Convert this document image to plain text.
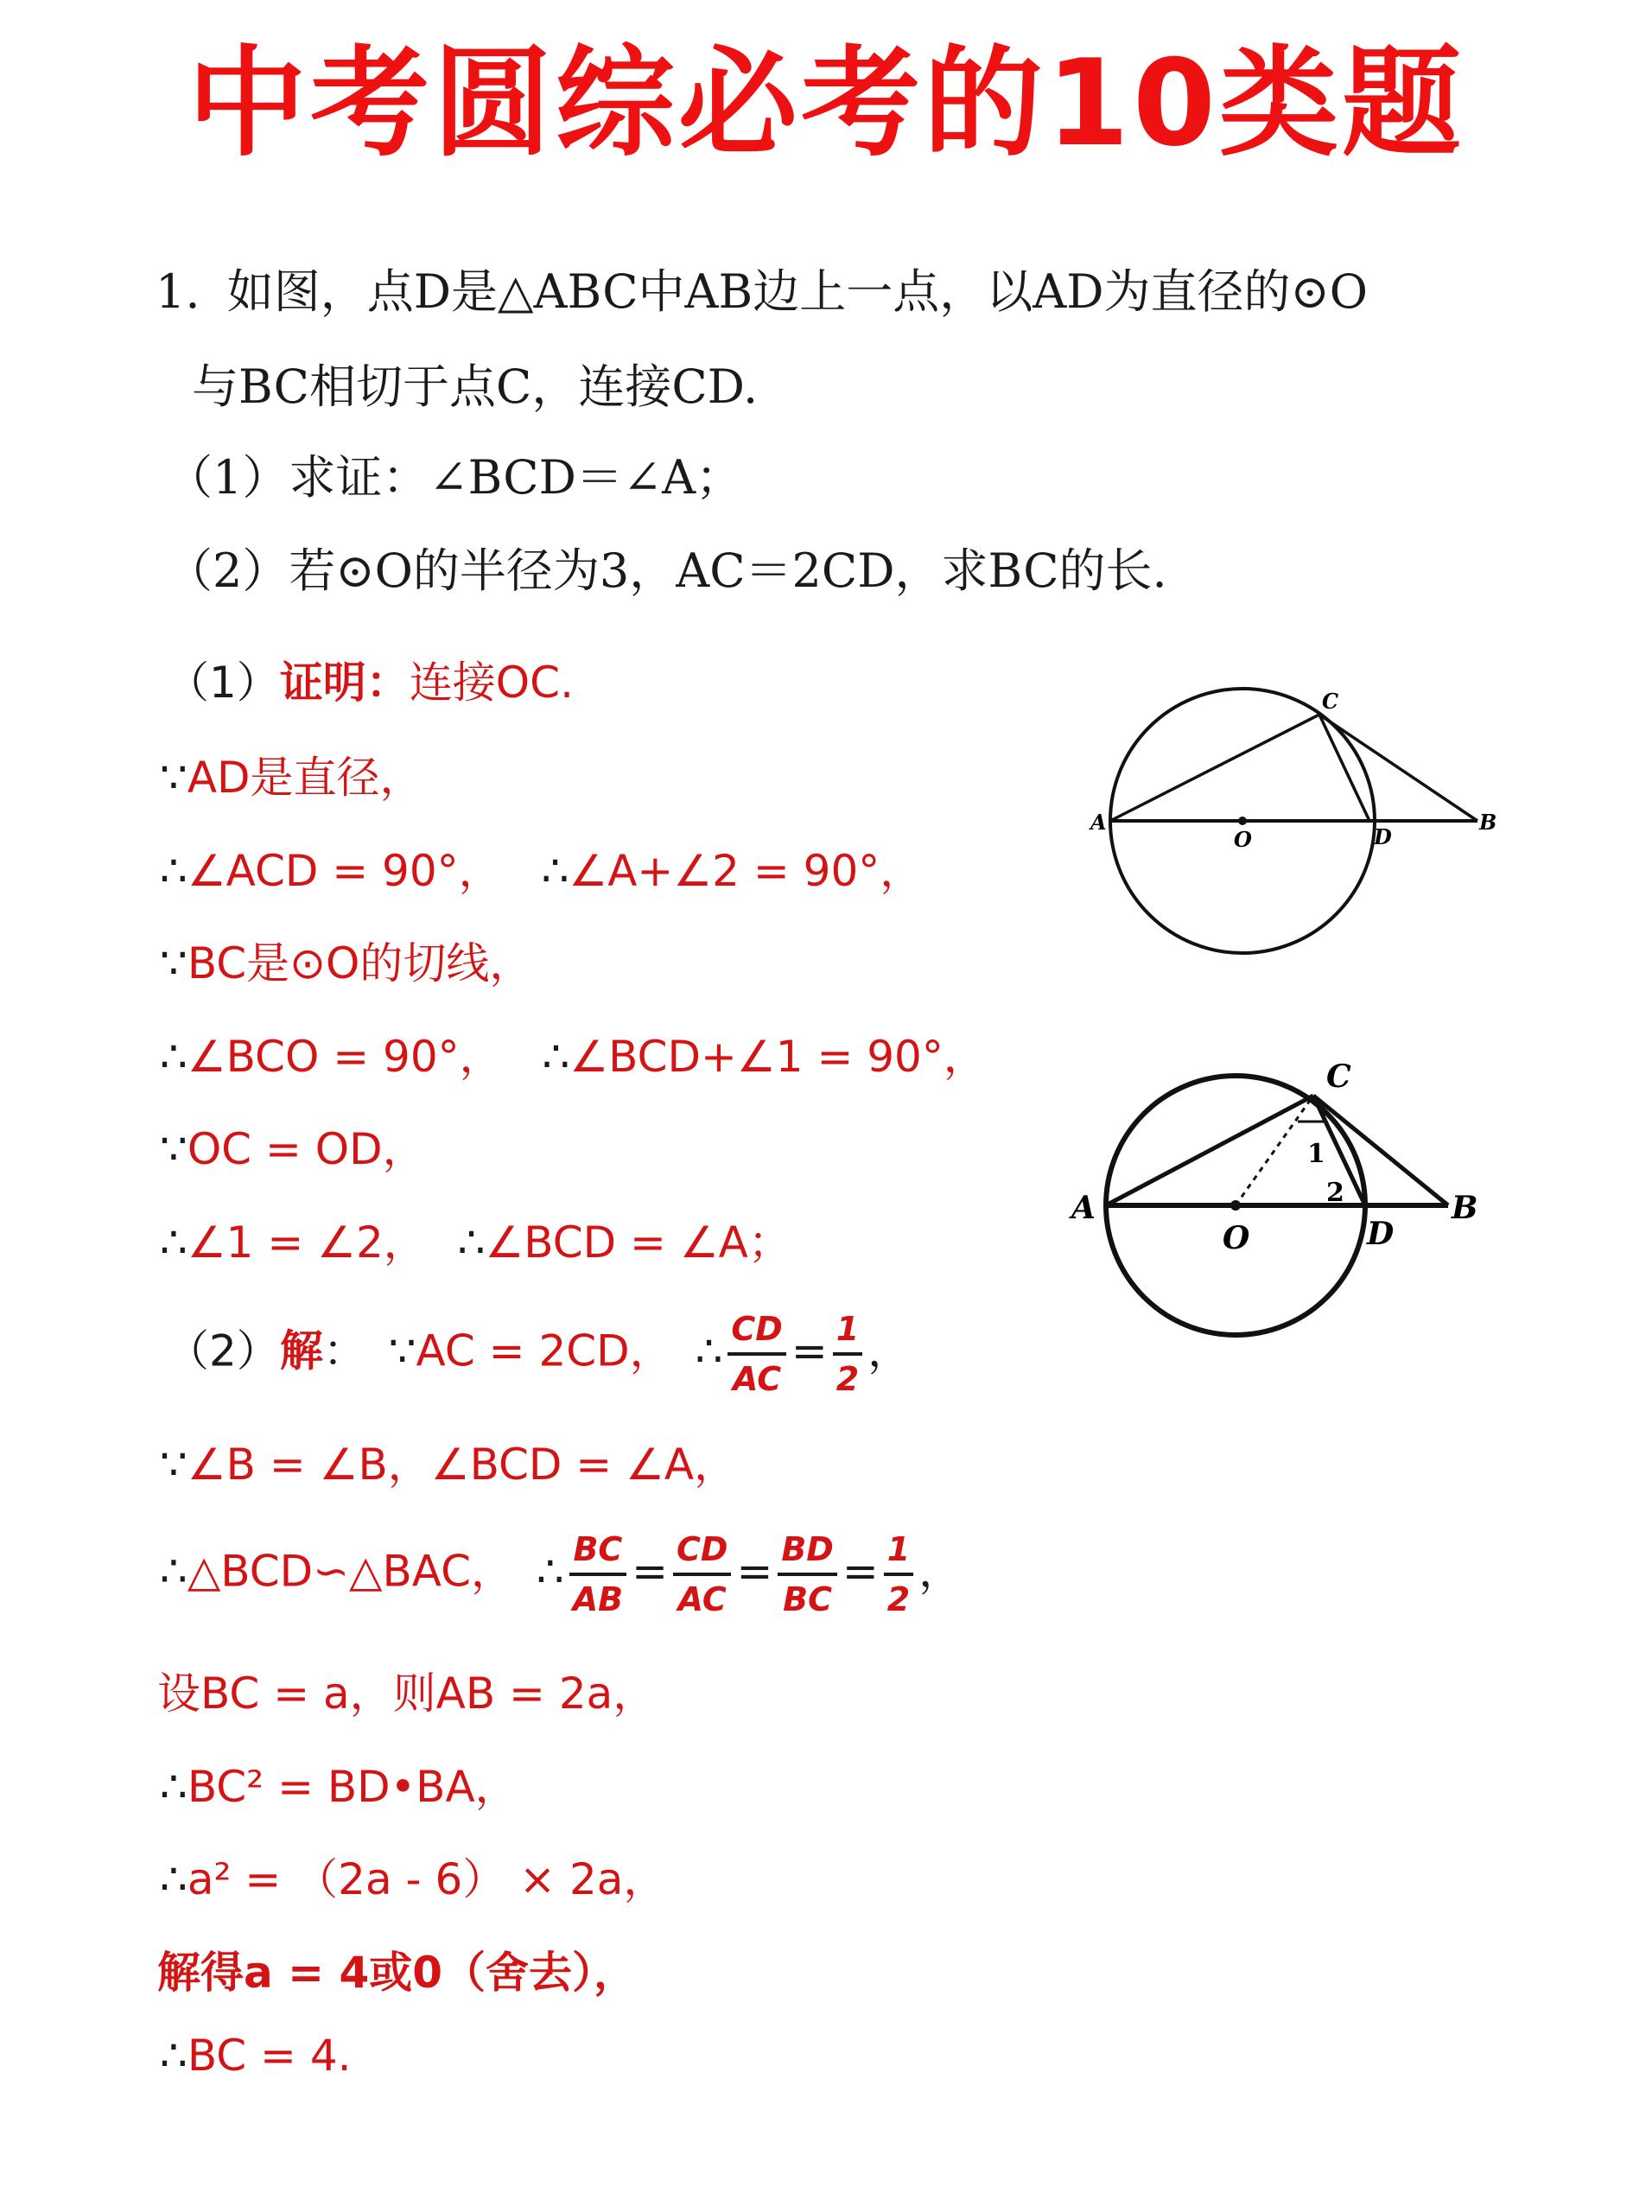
中考圆综必考的10类题
1. 如图，点D是△ABC中AB边上一点，以AD为直径的⊙O
与BC相切于点C，连接CD.
（1）求证：∠BCD＝∠A；
（2）若⊙O的半径为3，AC＝2CD，求BC的长.
（1）证明：连接OC.
∵AD是直径，
∴∠ACD = 90°， ∴∠A+∠2 = 90°，
∵BC是⊙O的切线，
∴∠BCO = 90°， ∴∠BCD+∠1 = 90°，
∵OC = OD，
∴∠1 = ∠2， ∴∠BCD = ∠A；
（2）解： ∵AC = 2CD， ∴ $\frac{CD}{AC} = \frac{1}{2}$ ，
∵∠B = ∠B，∠BCD = ∠A，
∴△BCD∽△BAC， ∴ $\frac{BC}{AB} = \frac{CD}{AC} = \frac{BD}{BC} = \frac{1}{2}$ ，
设BC = a，则AB = 2a，
∴BC² = BD•BA，
∴a² = （2a - 6） × 2a，
解得a = 4或0（舍去），
∴BC = 4.
A
C
B
D
O
A
C
B
D
O
1
2
